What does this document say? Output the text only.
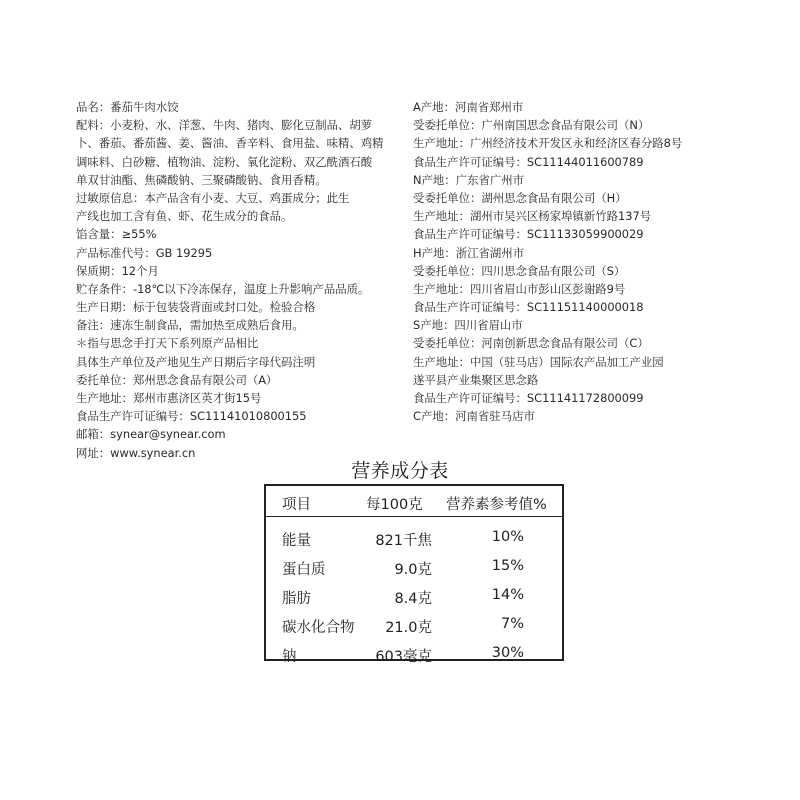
品名：番茄牛肉水饺
配料：小麦粉、水、洋葱、牛肉、猪肉、膨化豆制品、胡萝
卜、番茄、番茄酱、姜、酱油、香辛料、食用盐、味精、鸡精
调味料、白砂糖、植物油、淀粉、氧化淀粉、双乙酰酒石酸
单双甘油酯、焦磷酸钠、三聚磷酸钠、食用香精。
过敏原信息：本产品含有小麦、大豆、鸡蛋成分；此生
产线也加工含有鱼、虾、花生成分的食品。
馅含量：≥55%
产品标准代号：GB 19295
保质期：12个月
贮存条件：-18℃以下冷冻保存，温度上升影响产品品质。
生产日期：标于包装袋背面或封口处。检验合格
备注：速冻生制食品，需加热至成熟后食用。
＊指与思念手打天下系列原产品相比
具体生产单位及产地见生产日期后字母代码注明
委托单位：郑州思念食品有限公司（A）
生产地址：郑州市惠济区英才街15号
食品生产许可证编号：SC11141010800155
邮箱：synear@synear.com
网址：www.synear.cn
A产地：河南省郑州市
受委托单位：广州南国思念食品有限公司（N）
生产地址：广州经济技术开发区永和经济区春分路8号
食品生产许可证编号：SC11144011600789
N产地：广东省广州市
受委托单位：湖州思念食品有限公司（H）
生产地址：湖州市吴兴区杨家埠镇新竹路137号
食品生产许可证编号：SC11133059900029
H产地：浙江省湖州市
受委托单位：四川思念食品有限公司（S）
生产地址：四川省眉山市彭山区彭谢路9号
食品生产许可证编号：SC11151140000018
S产地：四川省眉山市
受委托单位：河南创新思念食品有限公司（C）
生产地址：中国（驻马店）国际农产品加工产业园
遂平县产业集聚区思念路
食品生产许可证编号：SC11141172800099
C产地：河南省驻马店市
营养成分表
项目	每100克 营养素参考值%
能量	821千焦	10%
蛋白质	9.0克	15%
脂肪	8.4克	14%
碳水化合物 21.0克	7%
钠	603毫克	30%
